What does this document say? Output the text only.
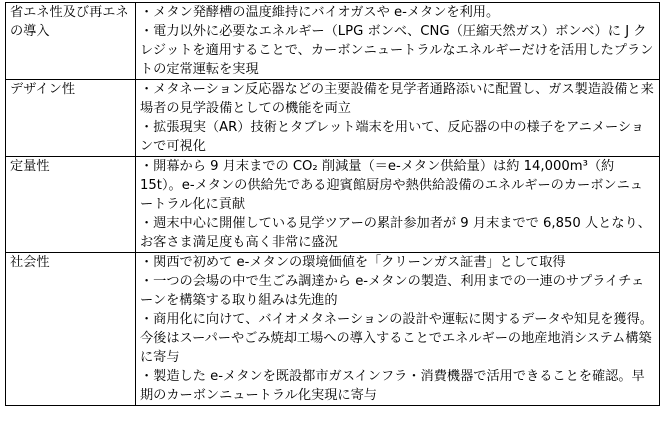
省エネ性及び再エネの導入	・メタン発酵槽の温度維持にバイオガスや e-メタンを利用。
・電力以外に必要なエネルギー（LPG ボンベ、CNG（圧縮天然ガス）ボンベ）に J クレジットを適用することで、カーボンニュートラルなエネルギーだけを活用したプラントの定常運転を実現

デザイン性	・メタネーション反応器などの主要設備を見学者通路添いに配置し、ガス製造設備と来場者の見学設備としての機能を両立
・拡張現実（AR）技術とタブレット端末を用いて、反応器の中の様子をアニメーションで可視化

定量性	・開幕から 9 月末までの CO₂ 削減量（＝e-メタン供給量）は約 14,000m³（約 15t）。e-メタンの供給先である迎賓館厨房や熱供給設備のエネルギーのカーボンニュートラル化に貢献
・週末中心に開催している見学ツアーの累計参加者が 9 月末までで 6,850 人となり、お客さま満足度も高く非常に盛況

社会性	・関西で初めて e-メタンの環境価値を「クリーンガス証書」として取得
・一つの会場の中で生ごみ調達から e-メタンの製造、利用までの一連のサプライチェーンを構築する取り組みは先進的
・商用化に向けて、バイオメタネーションの設計や運転に関するデータや知見を獲得。今後はスーパーやごみ焼却工場への導入することでエネルギーの地産地消システム構築に寄与
・製造した e-メタンを既設都市ガスインフラ・消費機器で活用できることを確認。早期のカーボンニュートラル化実現に寄与
